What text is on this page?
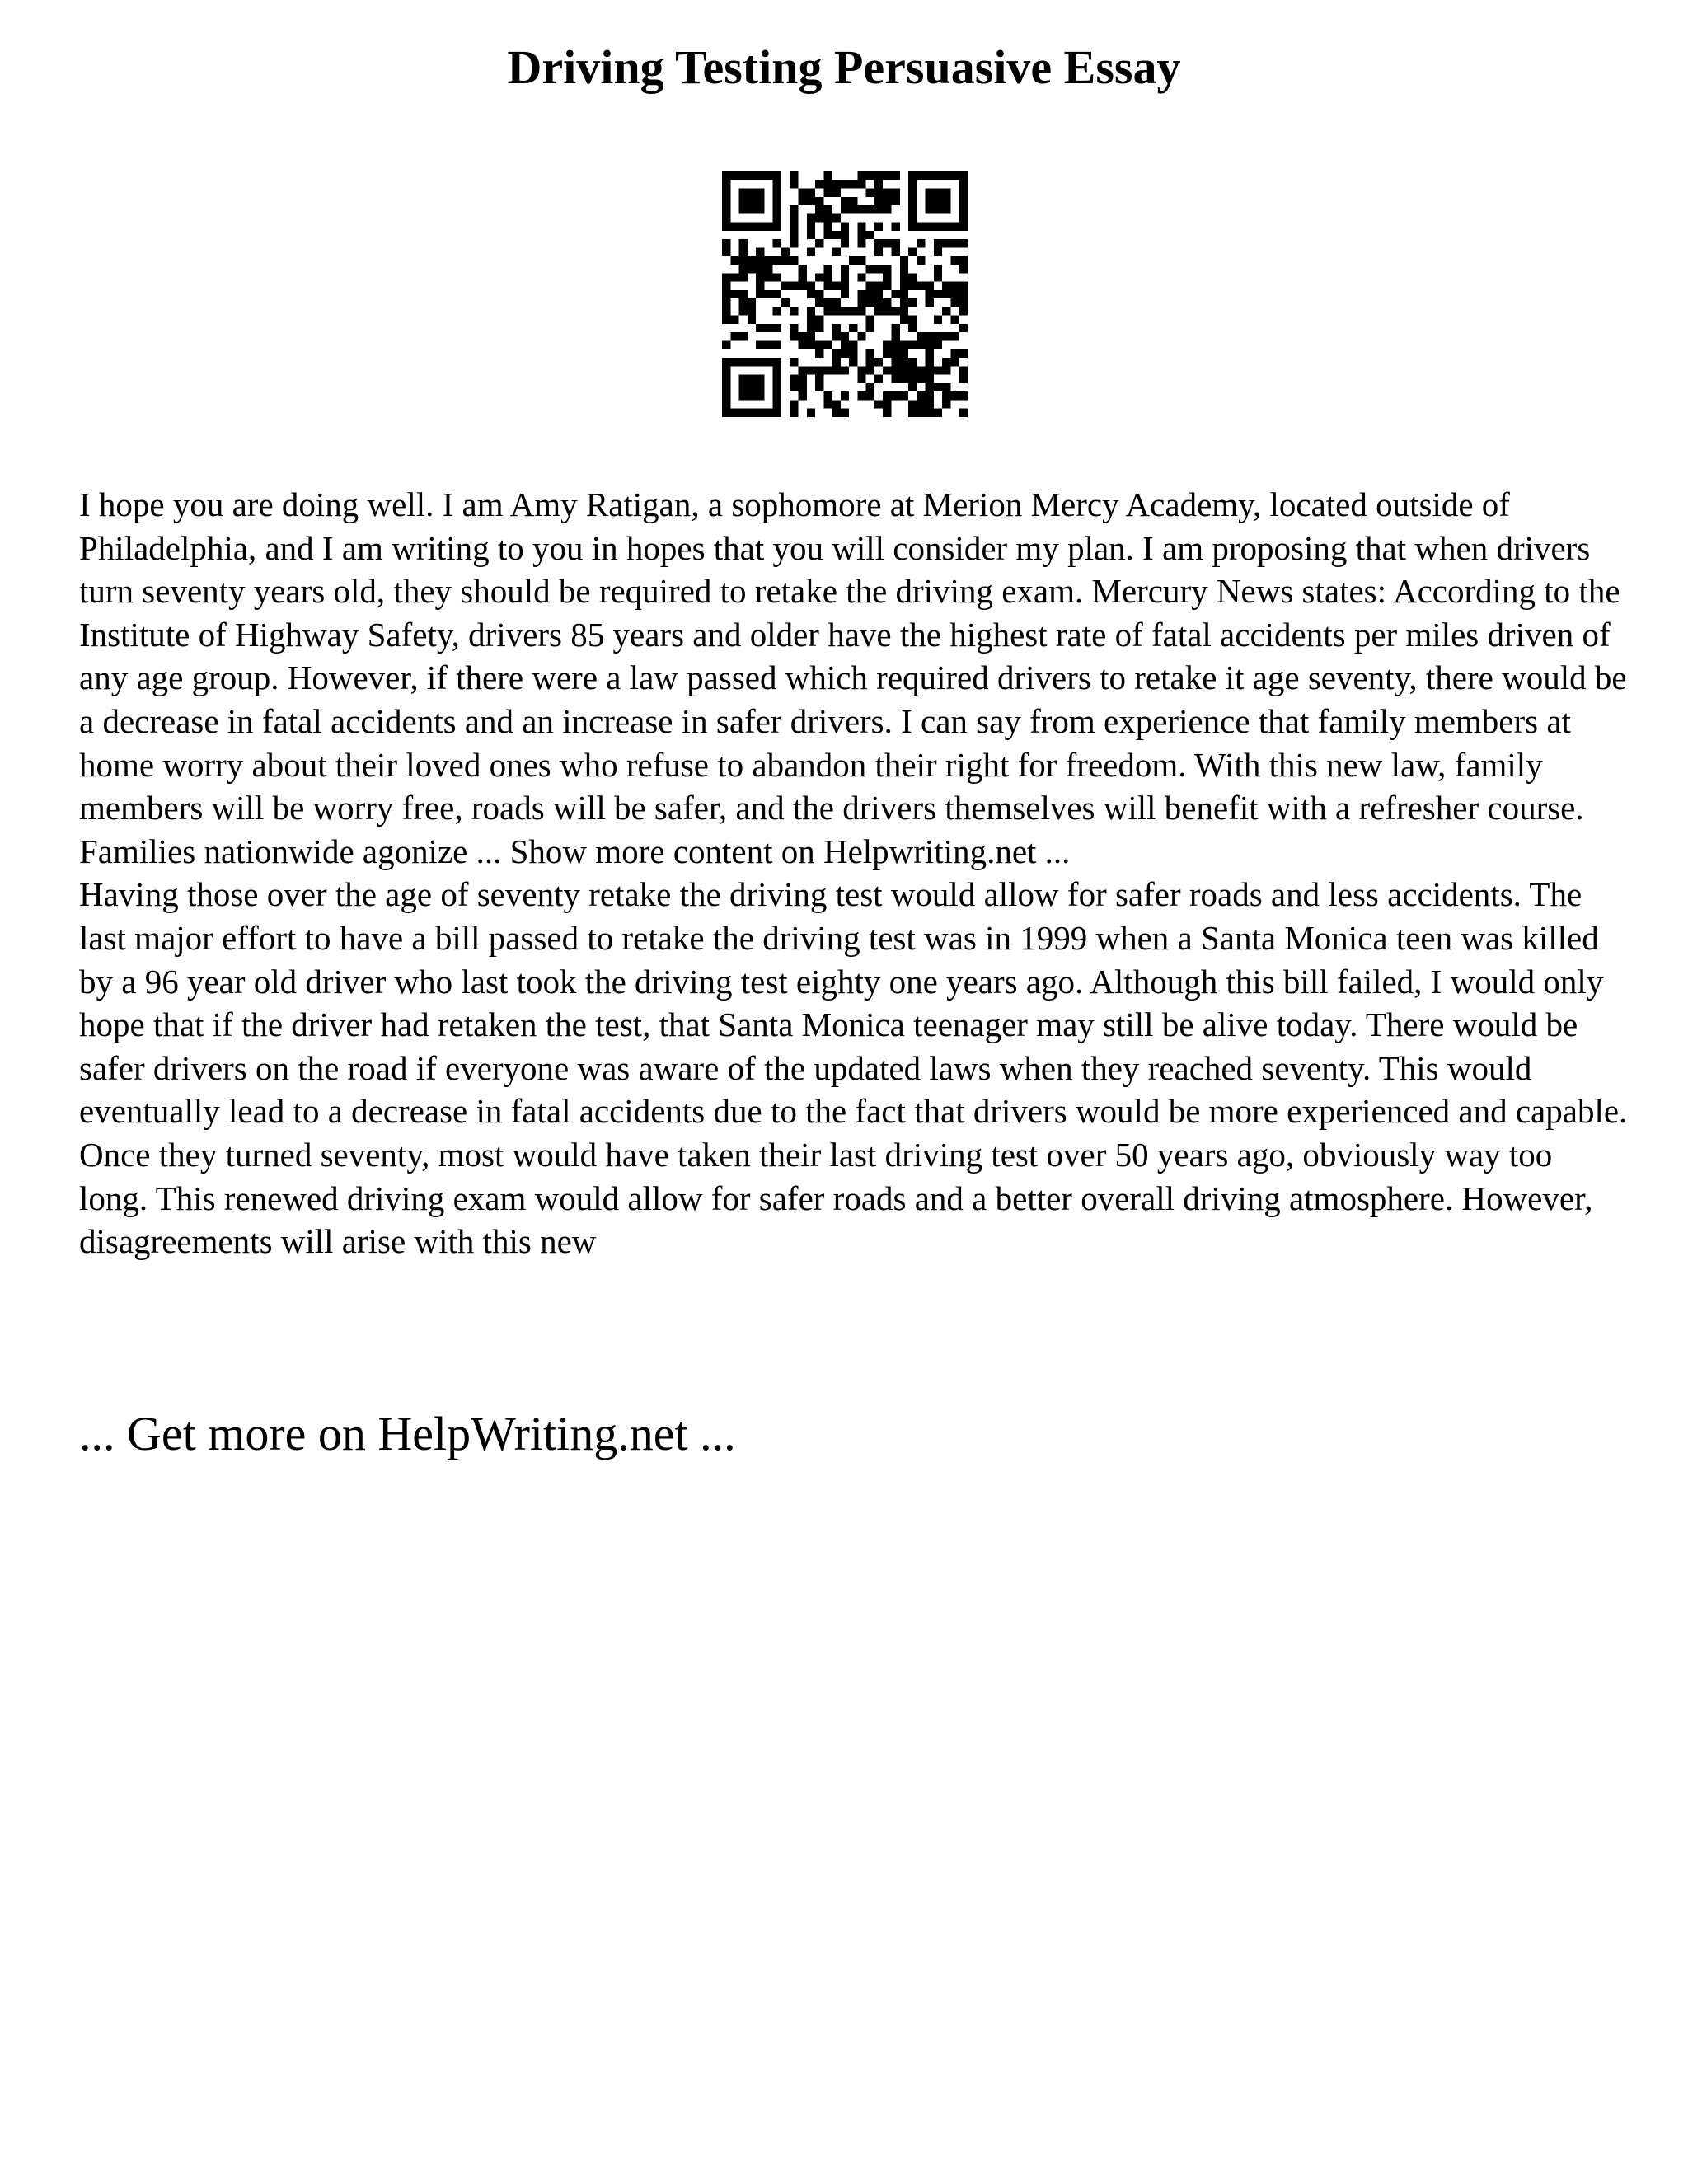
Driving Testing Persuasive Essay

I hope you are doing well. I am Amy Ratigan, a sophomore at Merion Mercy Academy, located outside of Philadelphia, and I am writing to you in hopes that you will consider my plan. I am proposing that when drivers turn seventy years old, they should be required to retake the driving exam. Mercury News states: According to the Institute of Highway Safety, drivers 85 years and older have the highest rate of fatal accidents per miles driven of any age group. However, if there were a law passed which required drivers to retake it age seventy, there would be a decrease in fatal accidents and an increase in safer drivers. I can say from experience that family members at home worry about their loved ones who refuse to abandon their right for freedom. With this new law, family members will be worry free, roads will be safer, and the drivers themselves will benefit with a refresher course. Families nationwide agonize ... Show more content on Helpwriting.net ...

Having those over the age of seventy retake the driving test would allow for safer roads and less accidents. The last major effort to have a bill passed to retake the driving test was in 1999 when a Santa Monica teen was killed by a 96 year old driver who last took the driving test eighty one years ago. Although this bill failed, I would only hope that if the driver had retaken the test, that Santa Monica teenager may still be alive today. There would be safer drivers on the road if everyone was aware of the updated laws when they reached seventy. This would eventually lead to a decrease in fatal accidents due to the fact that drivers would be more experienced and capable. Once they turned seventy, most would have taken their last driving test over 50 years ago, obviously way too long. This renewed driving exam would allow for safer roads and a better overall driving atmosphere. However, disagreements will arise with this new

... Get more on HelpWriting.net ...
